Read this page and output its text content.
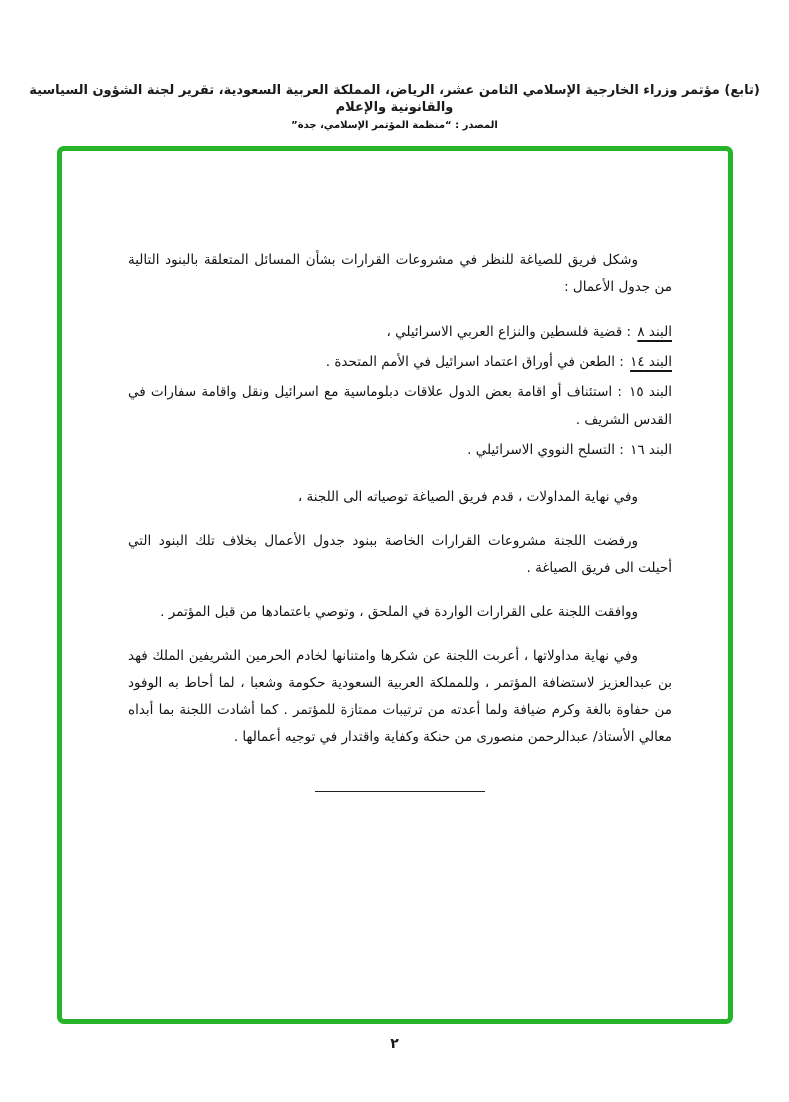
(تابع) مؤتمر وزراء الخارجية الإسلامي الثامن عشر، الرياض، المملكة العربية السعودية، تقرير لجنة الشؤون السياسية والقانونية والإعلام
المصدر : “منظمة المؤتمر الإسلامي، جدة”

وشكل فريق للصياغة للنظر في مشروعات القرارات بشأن المسائل المتعلقة بالبنود التالية من جدول الأعمال :

البند ٨ : قضية فلسطين والنزاع العربي الاسرائيلي ،
البند ١٤ : الطعن في أوراق اعتماد اسرائيل في الأمم المتحدة .
البند ١٥ : استئناف أو اقامة بعض الدول علاقات دبلوماسية مع اسرائيل ونقل واقامة سفارات في القدس الشريف .
البند ١٦ : التسلح النووي الاسرائيلي .

وفي نهاية المداولات ، قدم فريق الصياغة توصياته الى اللجنة ،

ورفضت اللجنة مشروعات القرارات الخاصة ببنود جدول الأعمال بخلاف تلك البنود التي أحيلت الى فريق الصياغة .

ووافقت اللجنة على القرارات الواردة في الملحق ، وتوصي باعتمادها من قبل المؤتمر .

وفي نهاية مداولاتها ، أعربت اللجنة عن شكرها وامتنانها لخادم الحرمين الشريفين الملك فهد بن عبدالعزيز لاستضافة المؤتمر ، وللمملكة العربية السعودية حكومة وشعبا ، لما أحاط به الوفود من حفاوة بالغة وكرم ضيافة ولما أعدته من ترتيبات ممتازة للمؤتمر . كما أشادت اللجنة بما أبداه معالي الأستاذ/ عبدالرحمن منصورى من حنكة وكفاية واقتدار في توجيه أعمالها .

٢
